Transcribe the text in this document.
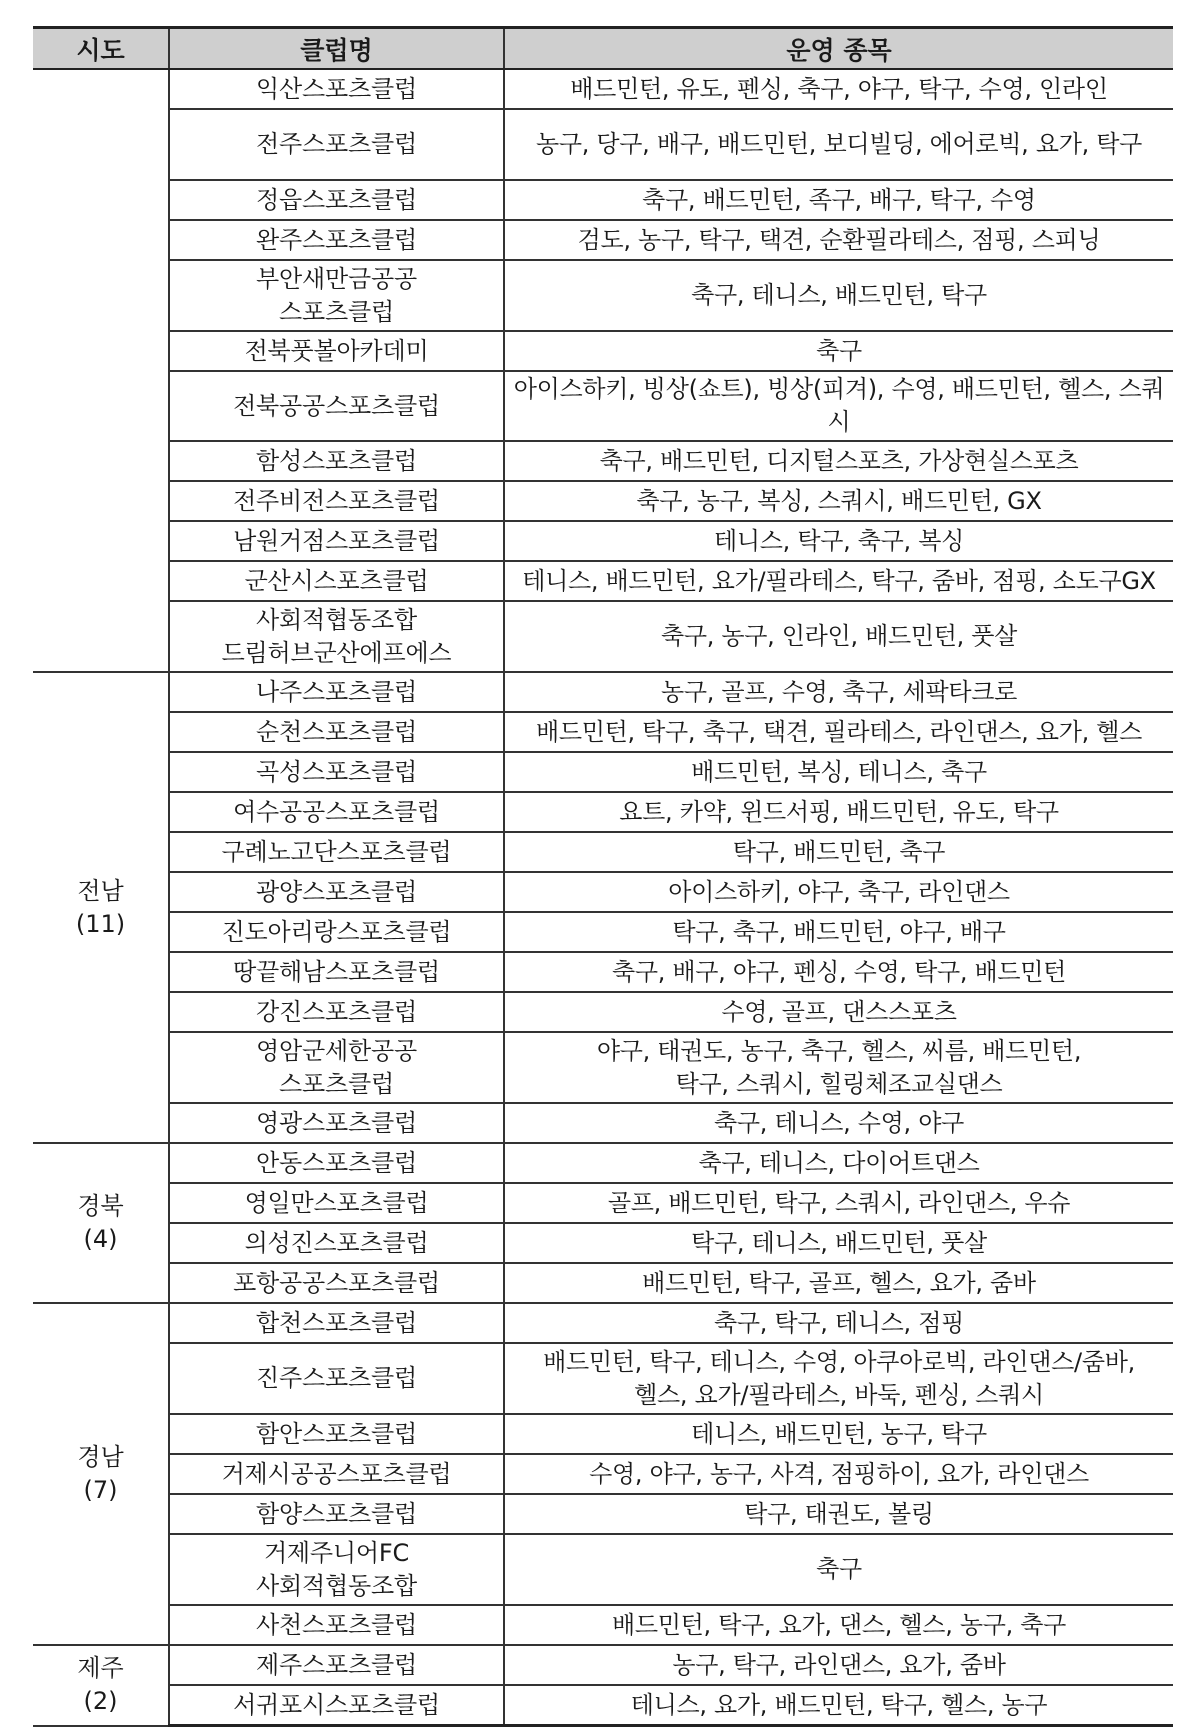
시도	클럽명	운영 종목

	익산스포츠클럽	배드민턴, 유도, 펜싱, 축구, 야구, 탁구, 수영, 인라인
	전주스포츠클럽	농구, 당구, 배구, 배드민턴, 보디빌딩, 에어로빅, 요가, 탁구
	정읍스포츠클럽	축구, 배드민턴, 족구, 배구, 탁구, 수영
	완주스포츠클럽	검도, 농구, 탁구, 택견, 순환필라테스, 점핑, 스피닝
	부안새만금공공
스포츠클럽	축구, 테니스, 배드민턴, 탁구
	전북풋볼아카데미	축구
	전북공공스포츠클럽	아이스하키, 빙상(쇼트), 빙상(피겨), 수영, 배드민턴, 헬스, 스쿼시
	함성스포츠클럽	축구, 배드민턴, 디지털스포츠, 가상현실스포츠
	전주비전스포츠클럽	축구, 농구, 복싱, 스쿼시, 배드민턴, GX
	남원거점스포츠클럽	테니스, 탁구, 축구, 복싱
	군산시스포츠클럽	테니스, 배드민턴, 요가/필라테스, 탁구, 줌바, 점핑, 소도구GX
	사회적협동조합
드림허브군산에프에스	축구, 농구, 인라인, 배드민턴, 풋살

전남
(11)	나주스포츠클럽	농구, 골프, 수영, 축구, 세팍타크로
	순천스포츠클럽	배드민턴, 탁구, 축구, 택견, 필라테스, 라인댄스, 요가, 헬스
	곡성스포츠클럽	배드민턴, 복싱, 테니스, 축구
	여수공공스포츠클럽	요트, 카약, 윈드서핑, 배드민턴, 유도, 탁구
	구례노고단스포츠클럽	탁구, 배드민턴, 축구
	광양스포츠클럽	아이스하키, 야구, 축구, 라인댄스
	진도아리랑스포츠클럽	탁구, 축구, 배드민턴, 야구, 배구
	땅끝해남스포츠클럽	축구, 배구, 야구, 펜싱, 수영, 탁구, 배드민턴
	강진스포츠클럽	수영, 골프, 댄스스포츠
	영암군세한공공
스포츠클럽	야구, 태권도, 농구, 축구, 헬스, 씨름, 배드민턴,
탁구, 스쿼시, 힐링체조교실댄스
	영광스포츠클럽	축구, 테니스, 수영, 야구

경북
(4)	안동스포츠클럽	축구, 테니스, 다이어트댄스
	영일만스포츠클럽	골프, 배드민턴, 탁구, 스쿼시, 라인댄스, 우슈
	의성진스포츠클럽	탁구, 테니스, 배드민턴, 풋살
	포항공공스포츠클럽	배드민턴, 탁구, 골프, 헬스, 요가, 줌바

경남
(7)	합천스포츠클럽	축구, 탁구, 테니스, 점핑
	진주스포츠클럽	배드민턴, 탁구, 테니스, 수영, 아쿠아로빅, 라인댄스/줌바,
헬스, 요가/필라테스, 바둑, 펜싱, 스쿼시
	함안스포츠클럽	테니스, 배드민턴, 농구, 탁구
	거제시공공스포츠클럽	수영, 야구, 농구, 사격, 점핑하이, 요가, 라인댄스
	함양스포츠클럽	탁구, 태권도, 볼링
	거제주니어FC
사회적협동조합	축구
	사천스포츠클럽	배드민턴, 탁구, 요가, 댄스, 헬스, 농구, 축구

제주
(2)	제주스포츠클럽	농구, 탁구, 라인댄스, 요가, 줌바
	서귀포시스포츠클럽	테니스, 요가, 배드민턴, 탁구, 헬스, 농구
